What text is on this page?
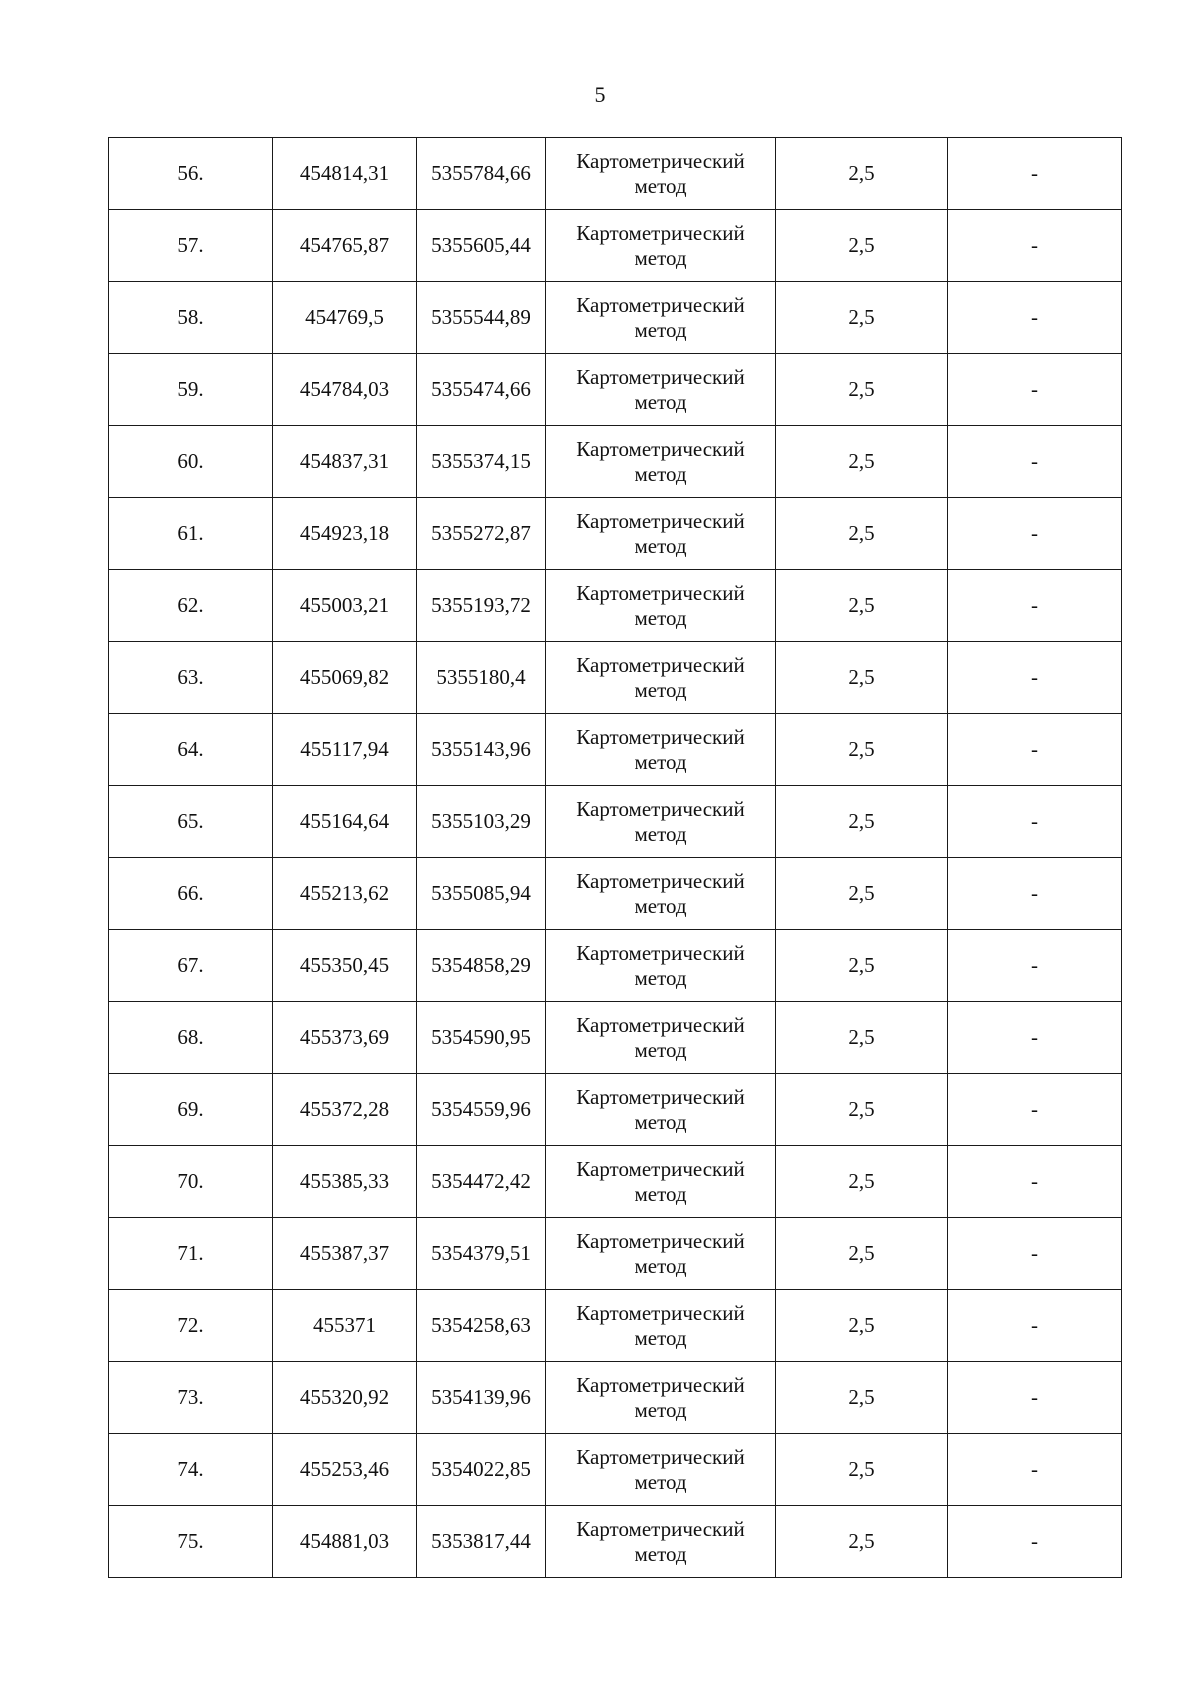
5
56.	454814,31	5355784,66	Картометрический
метод	2,5	-
57.	454765,87	5355605,44	Картометрический
метод	2,5	-
58.	454769,5	5355544,89	Картометрический
метод	2,5	-
59.	454784,03	5355474,66	Картометрический
метод	2,5	-
60.	454837,31	5355374,15	Картометрический
метод	2,5	-
61.	454923,18	5355272,87	Картометрический
метод	2,5	-
62.	455003,21	5355193,72	Картометрический
метод	2,5	-
63.	455069,82	5355180,4	Картометрический
метод	2,5	-
64.	455117,94	5355143,96	Картометрический
метод	2,5	-
65.	455164,64	5355103,29	Картометрический
метод	2,5	-
66.	455213,62	5355085,94	Картометрический
метод	2,5	-
67.	455350,45	5354858,29	Картометрический
метод	2,5	-
68.	455373,69	5354590,95	Картометрический
метод	2,5	-
69.	455372,28	5354559,96	Картометрический
метод	2,5	-
70.	455385,33	5354472,42	Картометрический
метод	2,5	-
71.	455387,37	5354379,51	Картометрический
метод	2,5	-
72.	455371	5354258,63	Картометрический
метод	2,5	-
73.	455320,92	5354139,96	Картометрический
метод	2,5	-
74.	455253,46	5354022,85	Картометрический
метод	2,5	-
75.	454881,03	5353817,44	Картометрический
метод	2,5	-
